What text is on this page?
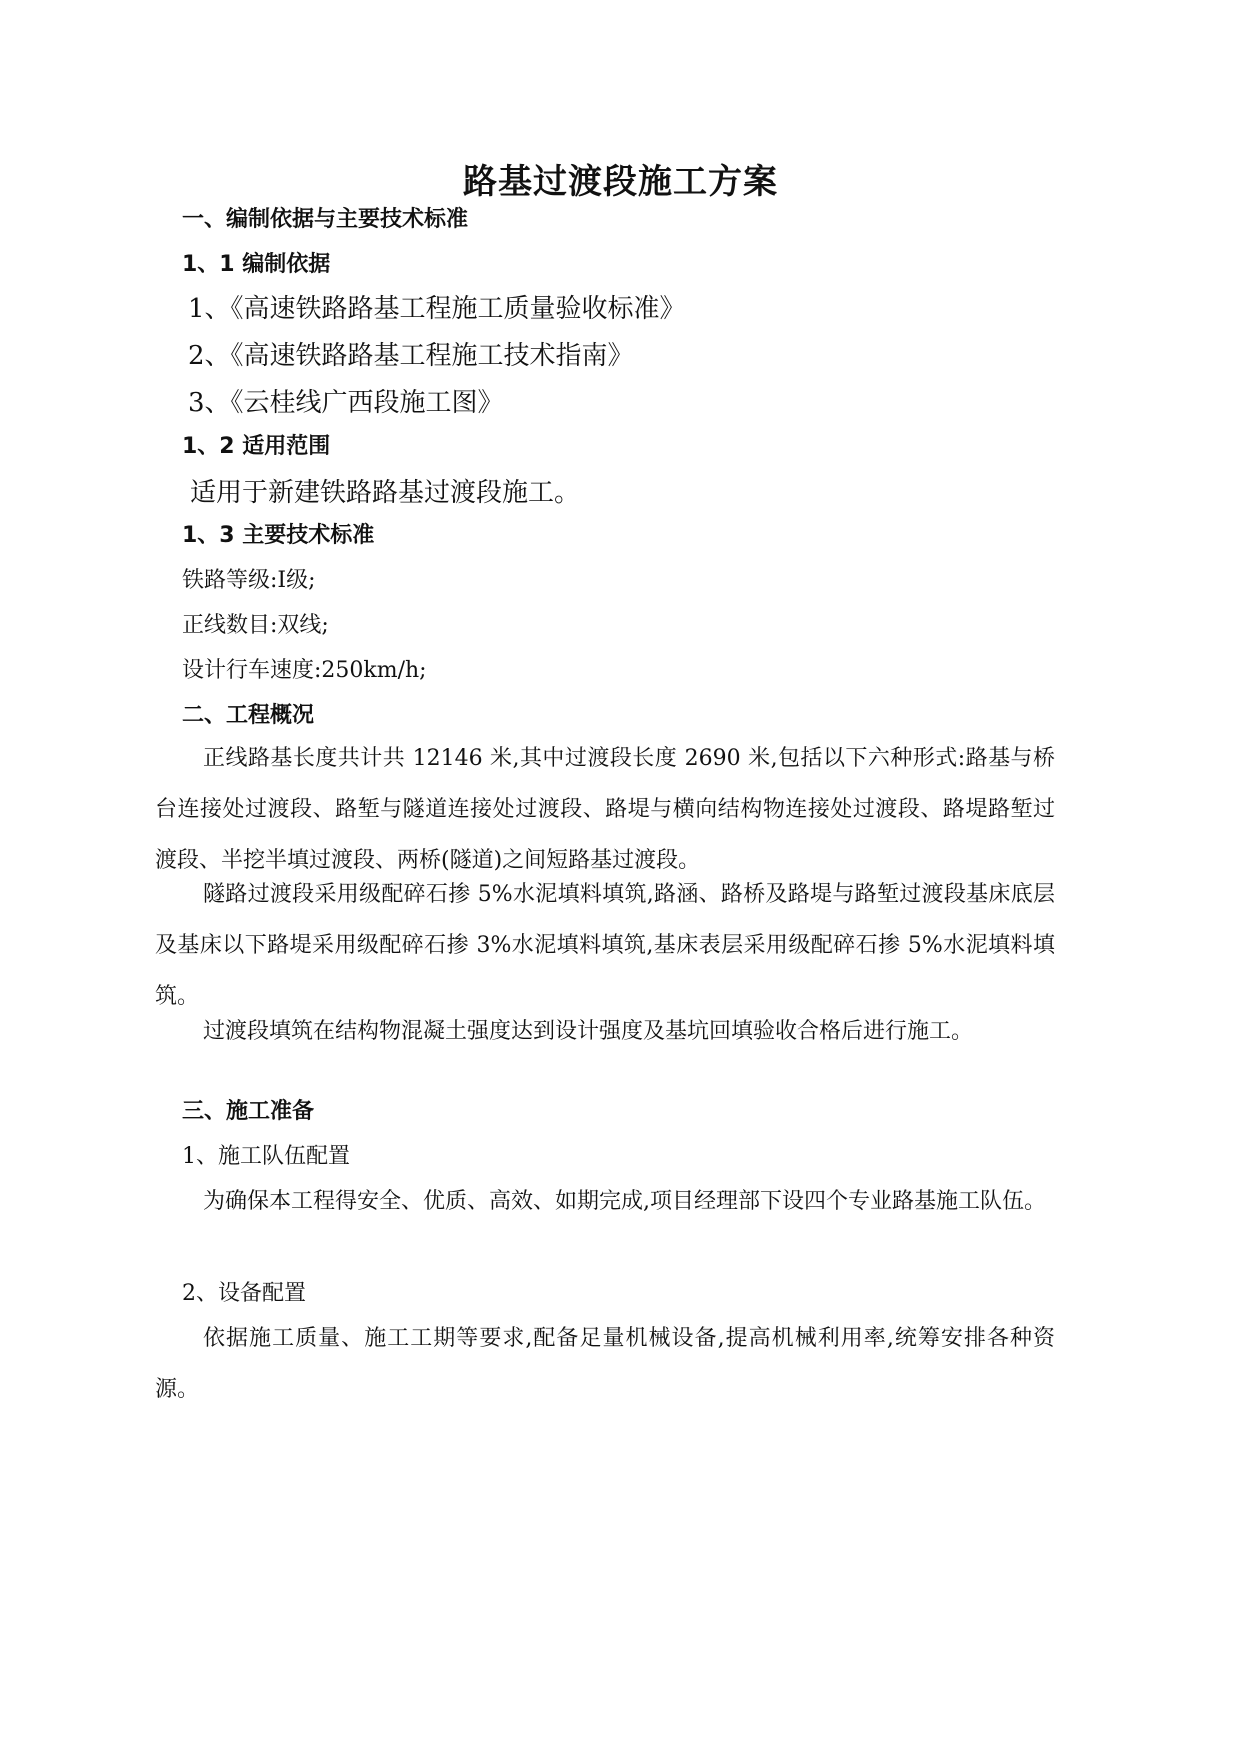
路基过渡段施工方案
一、编制依据与主要技术标准
1、1 编制依据
1、《高速铁路路基工程施工质量验收标准》
2、《高速铁路路基工程施工技术指南》
3、《云桂线广西段施工图》
1、2 适用范围
适用于新建铁路路基过渡段施工。
1、3 主要技术标准
铁路等级:Ⅰ级;
正线数目:双线;
设计行车速度:250km/h;
二、工程概况
正线路基长度共计共 12146 米,其中过渡段长度 2690 米,包括以下六种形式:路基与桥台连接处过渡段、路堑与隧道连接处过渡段、路堤与横向结构物连接处过渡段、路堤路堑过渡段、半挖半填过渡段、两桥(隧道)之间短路基过渡段。
隧路过渡段采用级配碎石掺 5%水泥填料填筑,路涵、路桥及路堤与路堑过渡段基床底层及基床以下路堤采用级配碎石掺 3%水泥填料填筑,基床表层采用级配碎石掺 5%水泥填料填筑。
过渡段填筑在结构物混凝土强度达到设计强度及基坑回填验收合格后进行施工。
三、施工准备
1、施工队伍配置
为确保本工程得安全、优质、高效、如期完成,项目经理部下设四个专业路基施工队伍。
2、设备配置
依据施工质量、施工工期等要求,配备足量机械设备,提高机械利用率,统筹安排各种资源。
